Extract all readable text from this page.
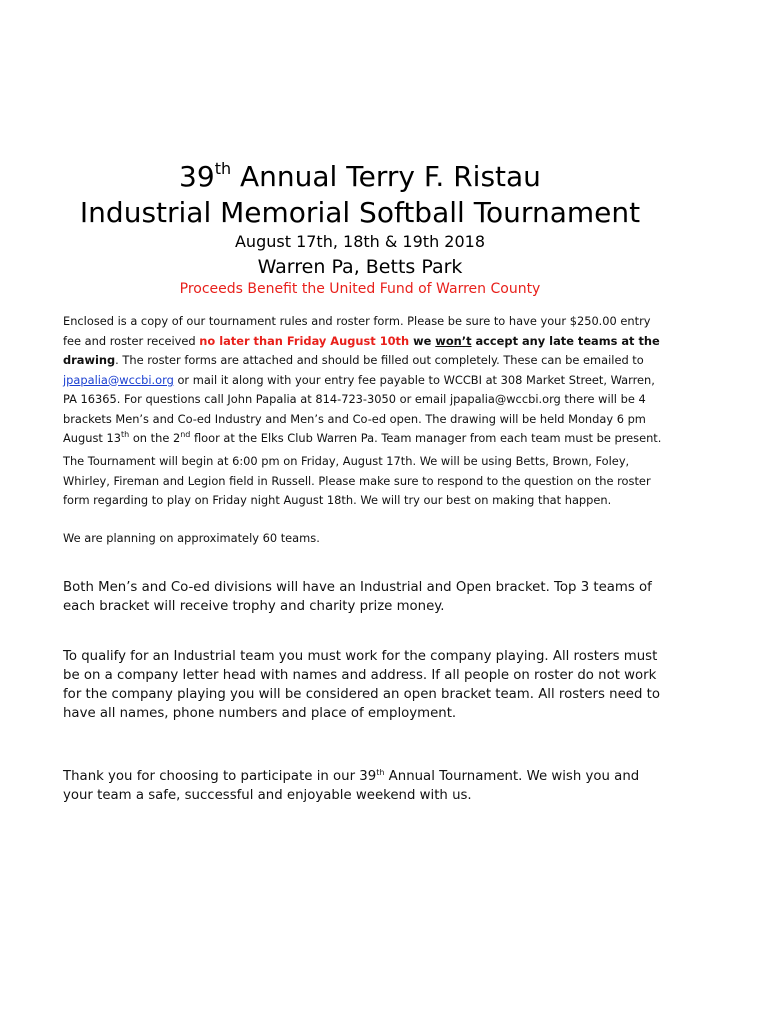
39th Annual Terry F. Ristau
Industrial Memorial Softball Tournament
August 17th, 18th & 19th 2018
Warren Pa, Betts Park
Proceeds Benefit the United Fund of Warren County
Enclosed is a copy of our tournament rules and roster form. Please be sure to have your $250.00 entry fee and roster received no later than Friday August 10th we won’t accept any late teams at the drawing. The roster forms are attached and should be filled out completely. These can be emailed to jpapalia@wccbi.org or mail it along with your entry fee payable to WCCBI at 308 Market Street, Warren, PA 16365. For questions call John Papalia at 814-723-3050 or email jpapalia@wccbi.org there will be 4 brackets Men’s and Co-ed Industry and Men’s and Co-ed open. The drawing will be held Monday 6 pm August 13th on the 2nd floor at the Elks Club Warren Pa. Team manager from each team must be present.
The Tournament will begin at 6:00 pm on Friday, August 17th. We will be using Betts, Brown, Foley, Whirley, Fireman and Legion field in Russell. Please make sure to respond to the question on the roster form regarding to play on Friday night August 18th. We will try our best on making that happen.
We are planning on approximately 60 teams.
Both Men’s and Co-ed divisions will have an Industrial and Open bracket. Top 3 teams of each bracket will receive trophy and charity prize money.
To qualify for an Industrial team you must work for the company playing. All rosters must be on a company letter head with names and address. If all people on roster do not work for the company playing you will be considered an open bracket team. All rosters need to have all names, phone numbers and place of employment.
Thank you for choosing to participate in our 39th Annual Tournament. We wish you and your team a safe, successful and enjoyable weekend with us.
